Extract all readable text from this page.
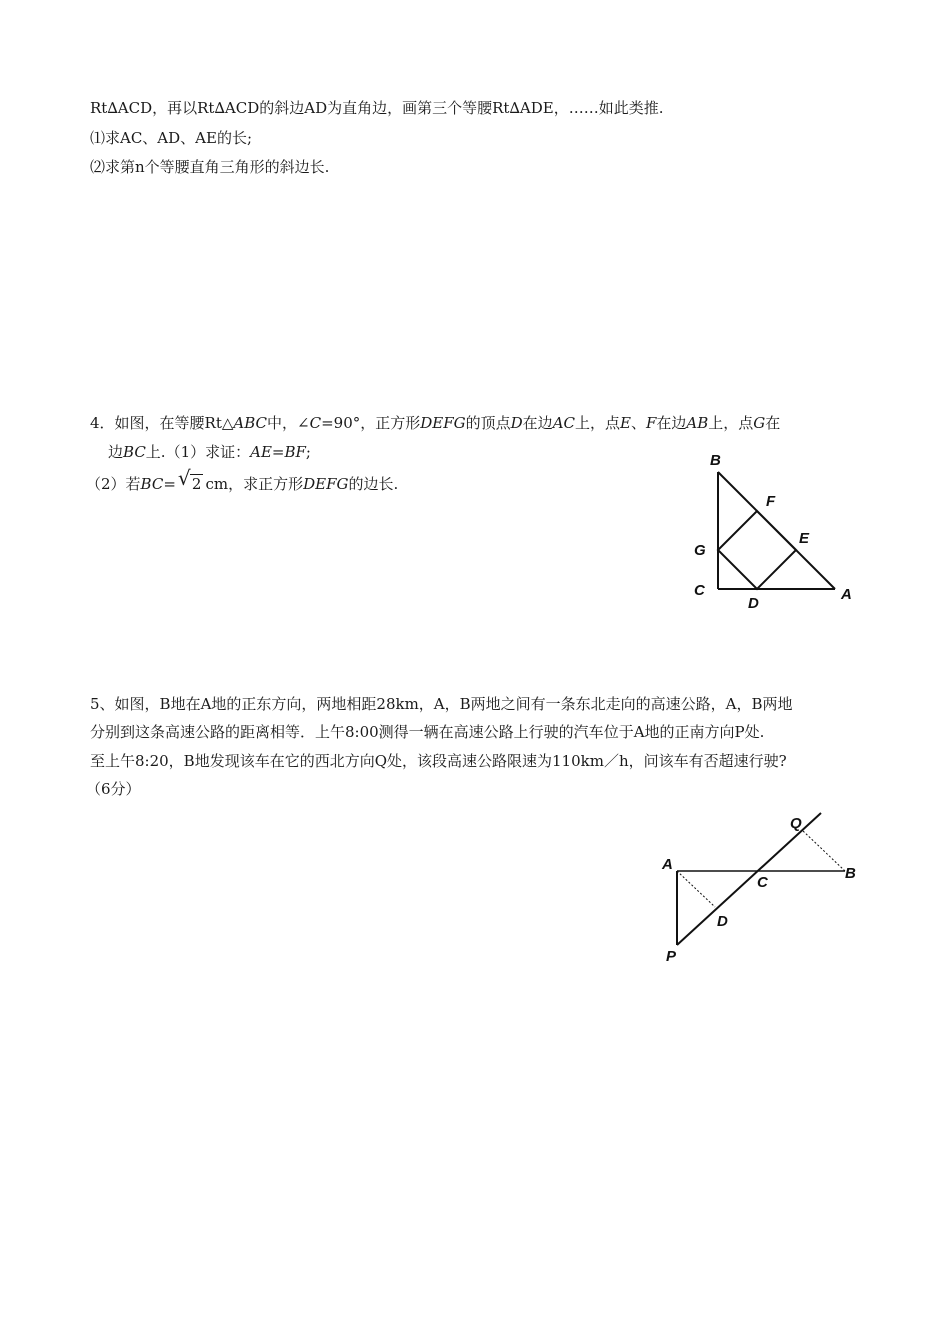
Rt∆ACD，再以Rt∆ACD的斜边AD为直角边，画第三个等腰Rt∆ADE，……如此类推.
⑴求AC、AD、AE的长;
⑵求第n个等腰直角三角形的斜边长.
4．如图，在等腰Rt△ABC中，∠C=90°，正方形DEFG的顶点D在边AC上，点E、F在边AB上，点G在
边BC上.（1）求证：AE=BF;
（2）若BC= √ 2 cm，求正方形DEFG的边长.
B
F
E
G
C
D
A
5、如图，B地在A地的正东方向，两地相距28km，A，B两地之间有一条东北走向的高速公路，A，B两地
分别到这条高速公路的距离相等．上午8:00测得一辆在高速公路上行驶的汽车位于A地的正南方向P处.
至上午8:20，B地发现该车在它的西北方向Q处，该段高速公路限速为110km／h，问该车有否超速行驶?
（6分）
Q
A
C
B
D
P
